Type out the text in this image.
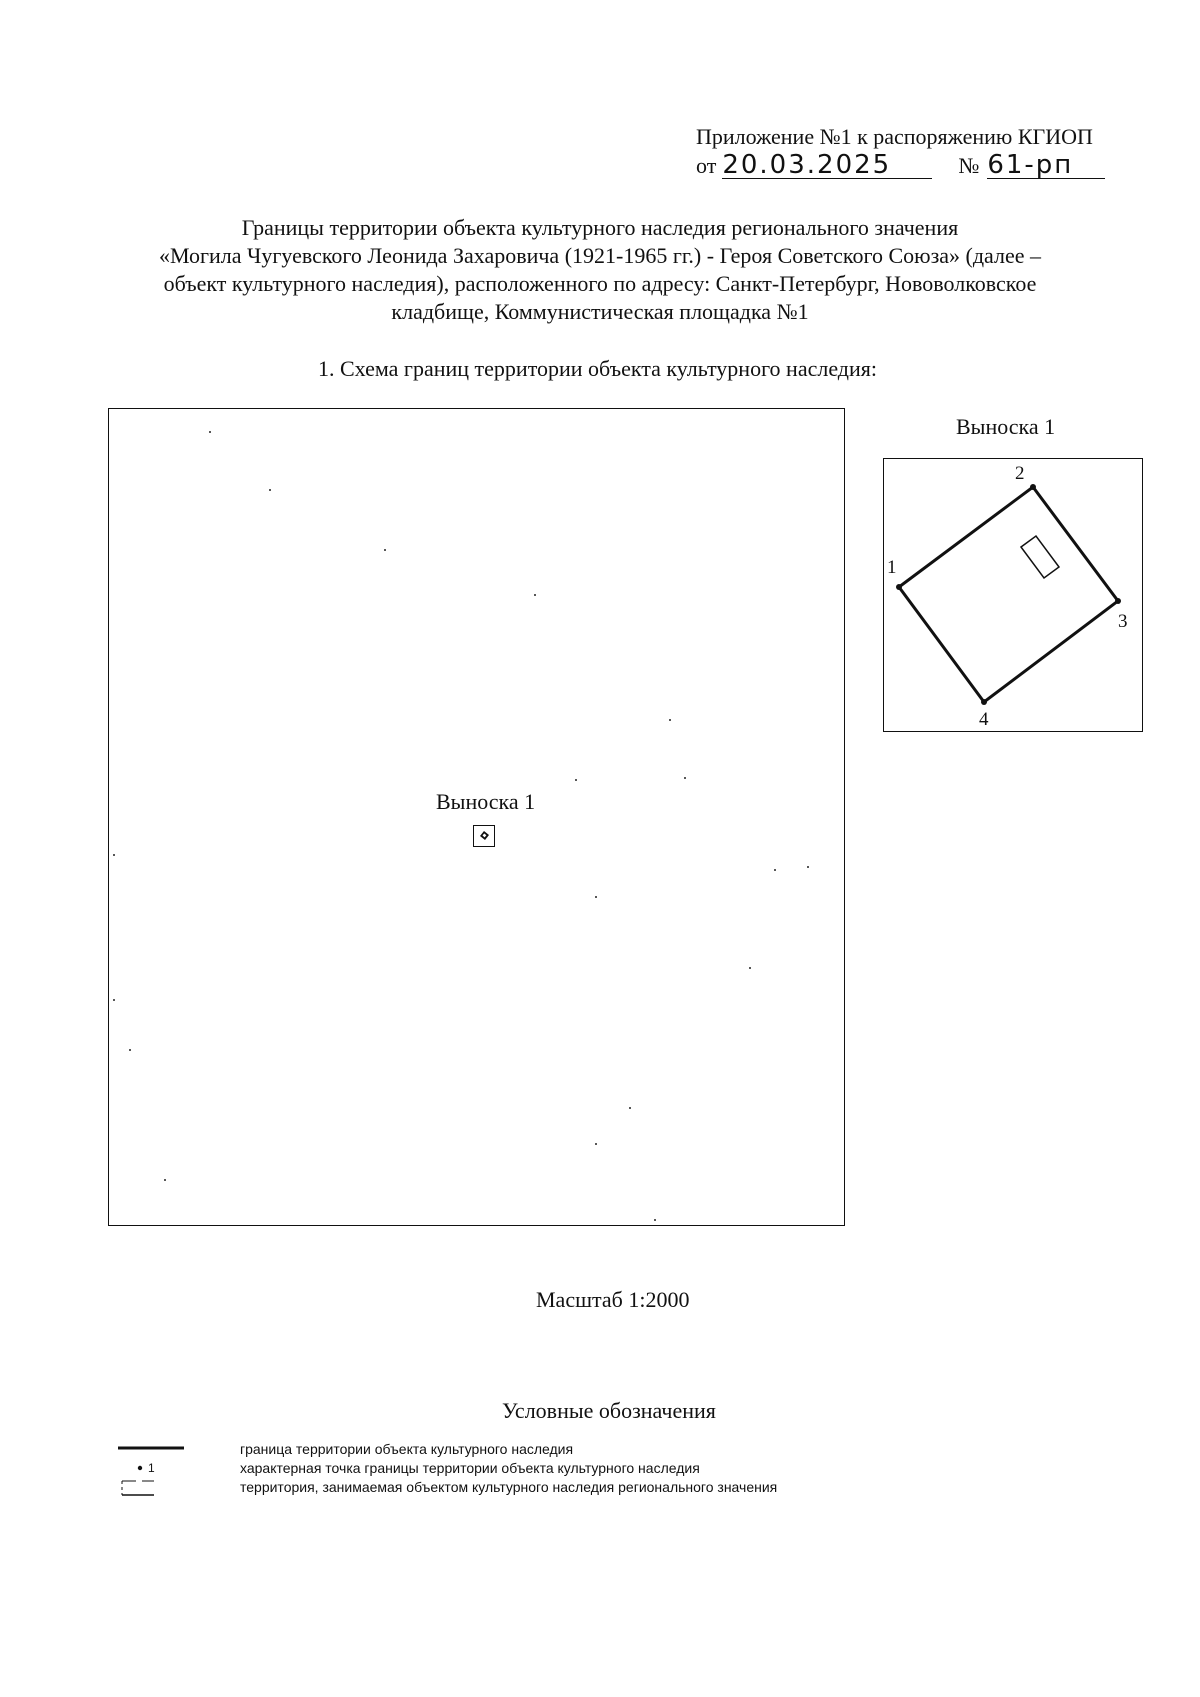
Приложение №1 к распоряжению КГИОП
от 20.03.2025	№ 61-рп
Границы территории объекта культурного наследия регионального значения
«Могила Чугуевского Леонида Захаровича (1921-1965 гг.) - Героя Советского Союза» (далее –
объект культурного наследия), расположенного по адресу: Санкт-Петербург, Нововолковское
кладбище, Коммунистическая площадка №1
1. Схема границ территории объекта культурного наследия:
Выноска 1
Выноска 1
1
2
3
4
Масштаб 1:2000
Условные обозначения
граница территории объекта культурного наследия
1	характерная точка границы территории объекта культурного наследия
территория, занимаемая объектом культурного наследия регионального значения
